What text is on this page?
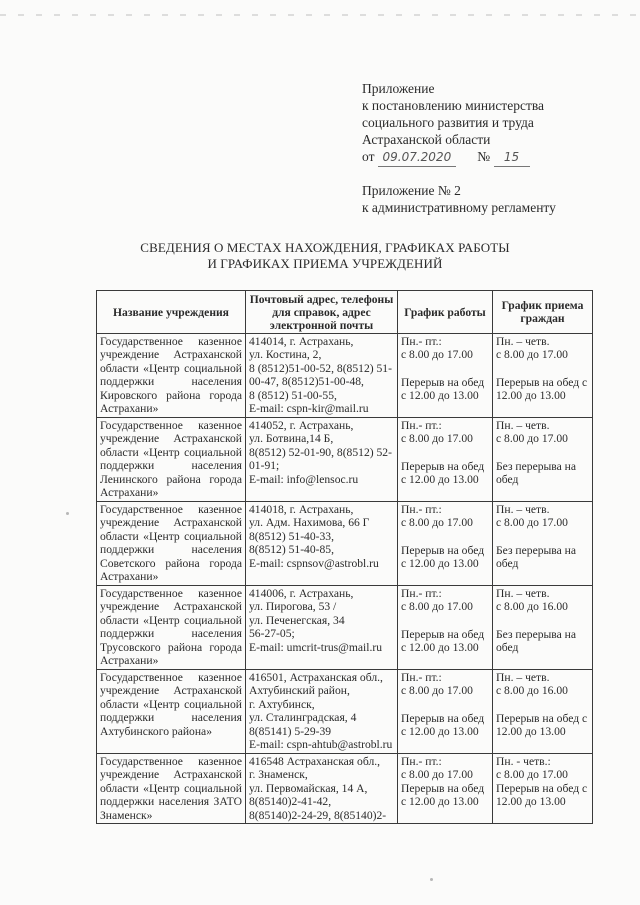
Приложение
к постановлению министерства
социального развития и труда
Астраханской области
от 09.07.2020 № 15
Приложение № 2
к административному регламенту
СВЕДЕНИЯ О МЕСТАХ НАХОЖДЕНИЯ, ГРАФИКАХ РАБОТЫ
И ГРАФИКАХ ПРИЕМА УЧРЕЖДЕНИЙ
Название учреждения	Почтовый адрес, телефоны для справок, адрес электронной почты	График работы	График приема граждан
Государственное казенное учреждение Астраханской области «Центр социальной поддержки населения Кировского района города Астрахани»	414014, г. Астрахань,
ул. Костина, 2,
8 (8512)51-00-52, 8(8512) 51-00-47, 8(8512)51-00-48,
8 (8512) 51-00-55,
E-mail: cspn-kir@mail.ru	Пн.- пт.:
с 8.00 до 17.00
Перерыв на обед с 12.00 до 13.00	Пн. – четв.
с 8.00 до 17.00
Перерыв на обед с 12.00 до 13.00

Государственное казенное учреждение Астраханской области «Центр социальной поддержки населения Ленинского района города Астрахани»	414052, г. Астрахань,
ул. Ботвина,14 Б,
8(8512) 52-01-90, 8(8512) 52-01-91;
E-mail: info@lensoc.ru	Пн.- пт.:
с 8.00 до 17.00
Перерыв на обед с 12.00 до 13.00	Пн. – четв.
с 8.00 до 17.00
Без перерыва на обед

Государственное казенное учреждение Астраханской области «Центр социальной поддержки населения Советского района города Астрахани»	414018, г. Астрахань,
ул. Адм. Нахимова, 66 Г
8(8512) 51-40-33,
8(8512) 51-40-85,
E-mail: cspnsov@astrobl.ru	Пн.- пт.:
с 8.00 до 17.00
Перерыв на обед с 12.00 до 13.00	Пн. – четв.
с 8.00 до 17.00
Без перерыва на обед

Государственное казенное учреждение Астраханской области «Центр социальной поддержки населения Трусовского района города Астрахани»	414006, г. Астрахань,
ул. Пирогова, 53 /
ул. Печенегская, 34
56-27-05;
E-mail: umcrit-trus@mail.ru	Пн.- пт.:
с 8.00 до 17.00
Перерыв на обед с 12.00 до 13.00	Пн. – четв.
с 8.00 до 16.00
Без перерыва на обед

Государственное казенное учреждение Астраханской области «Центр социальной поддержки населения Ахтубинского района»	416501, Астраханская обл., Ахтубинский район,
г. Ахтубинск,
ул. Сталинградская, 4
8(85141) 5-29-39
E-mail: cspn-ahtub@astrobl.ru	Пн.- пт.:
с 8.00 до 17.00
Перерыв на обед с 12.00 до 13.00	Пн. – четв.
с 8.00 до 16.00
Перерыв на обед с 12.00 до 13.00

Государственное казенное учреждение Астраханской области «Центр социальной поддержки населения ЗАТО Знаменск»	416548 Астраханская обл.,
г. Знаменск,
ул. Первомайская, 14 А,
8(85140)2-41-42,
8(85140)2-24-29, 8(85140)2-	Пн.- пт.:
с 8.00 до 17.00
Перерыв на обед с 12.00 до 13.00	Пн. - четв.:
с 8.00 до 17.00
Перерыв на обед с 12.00 до 13.00
